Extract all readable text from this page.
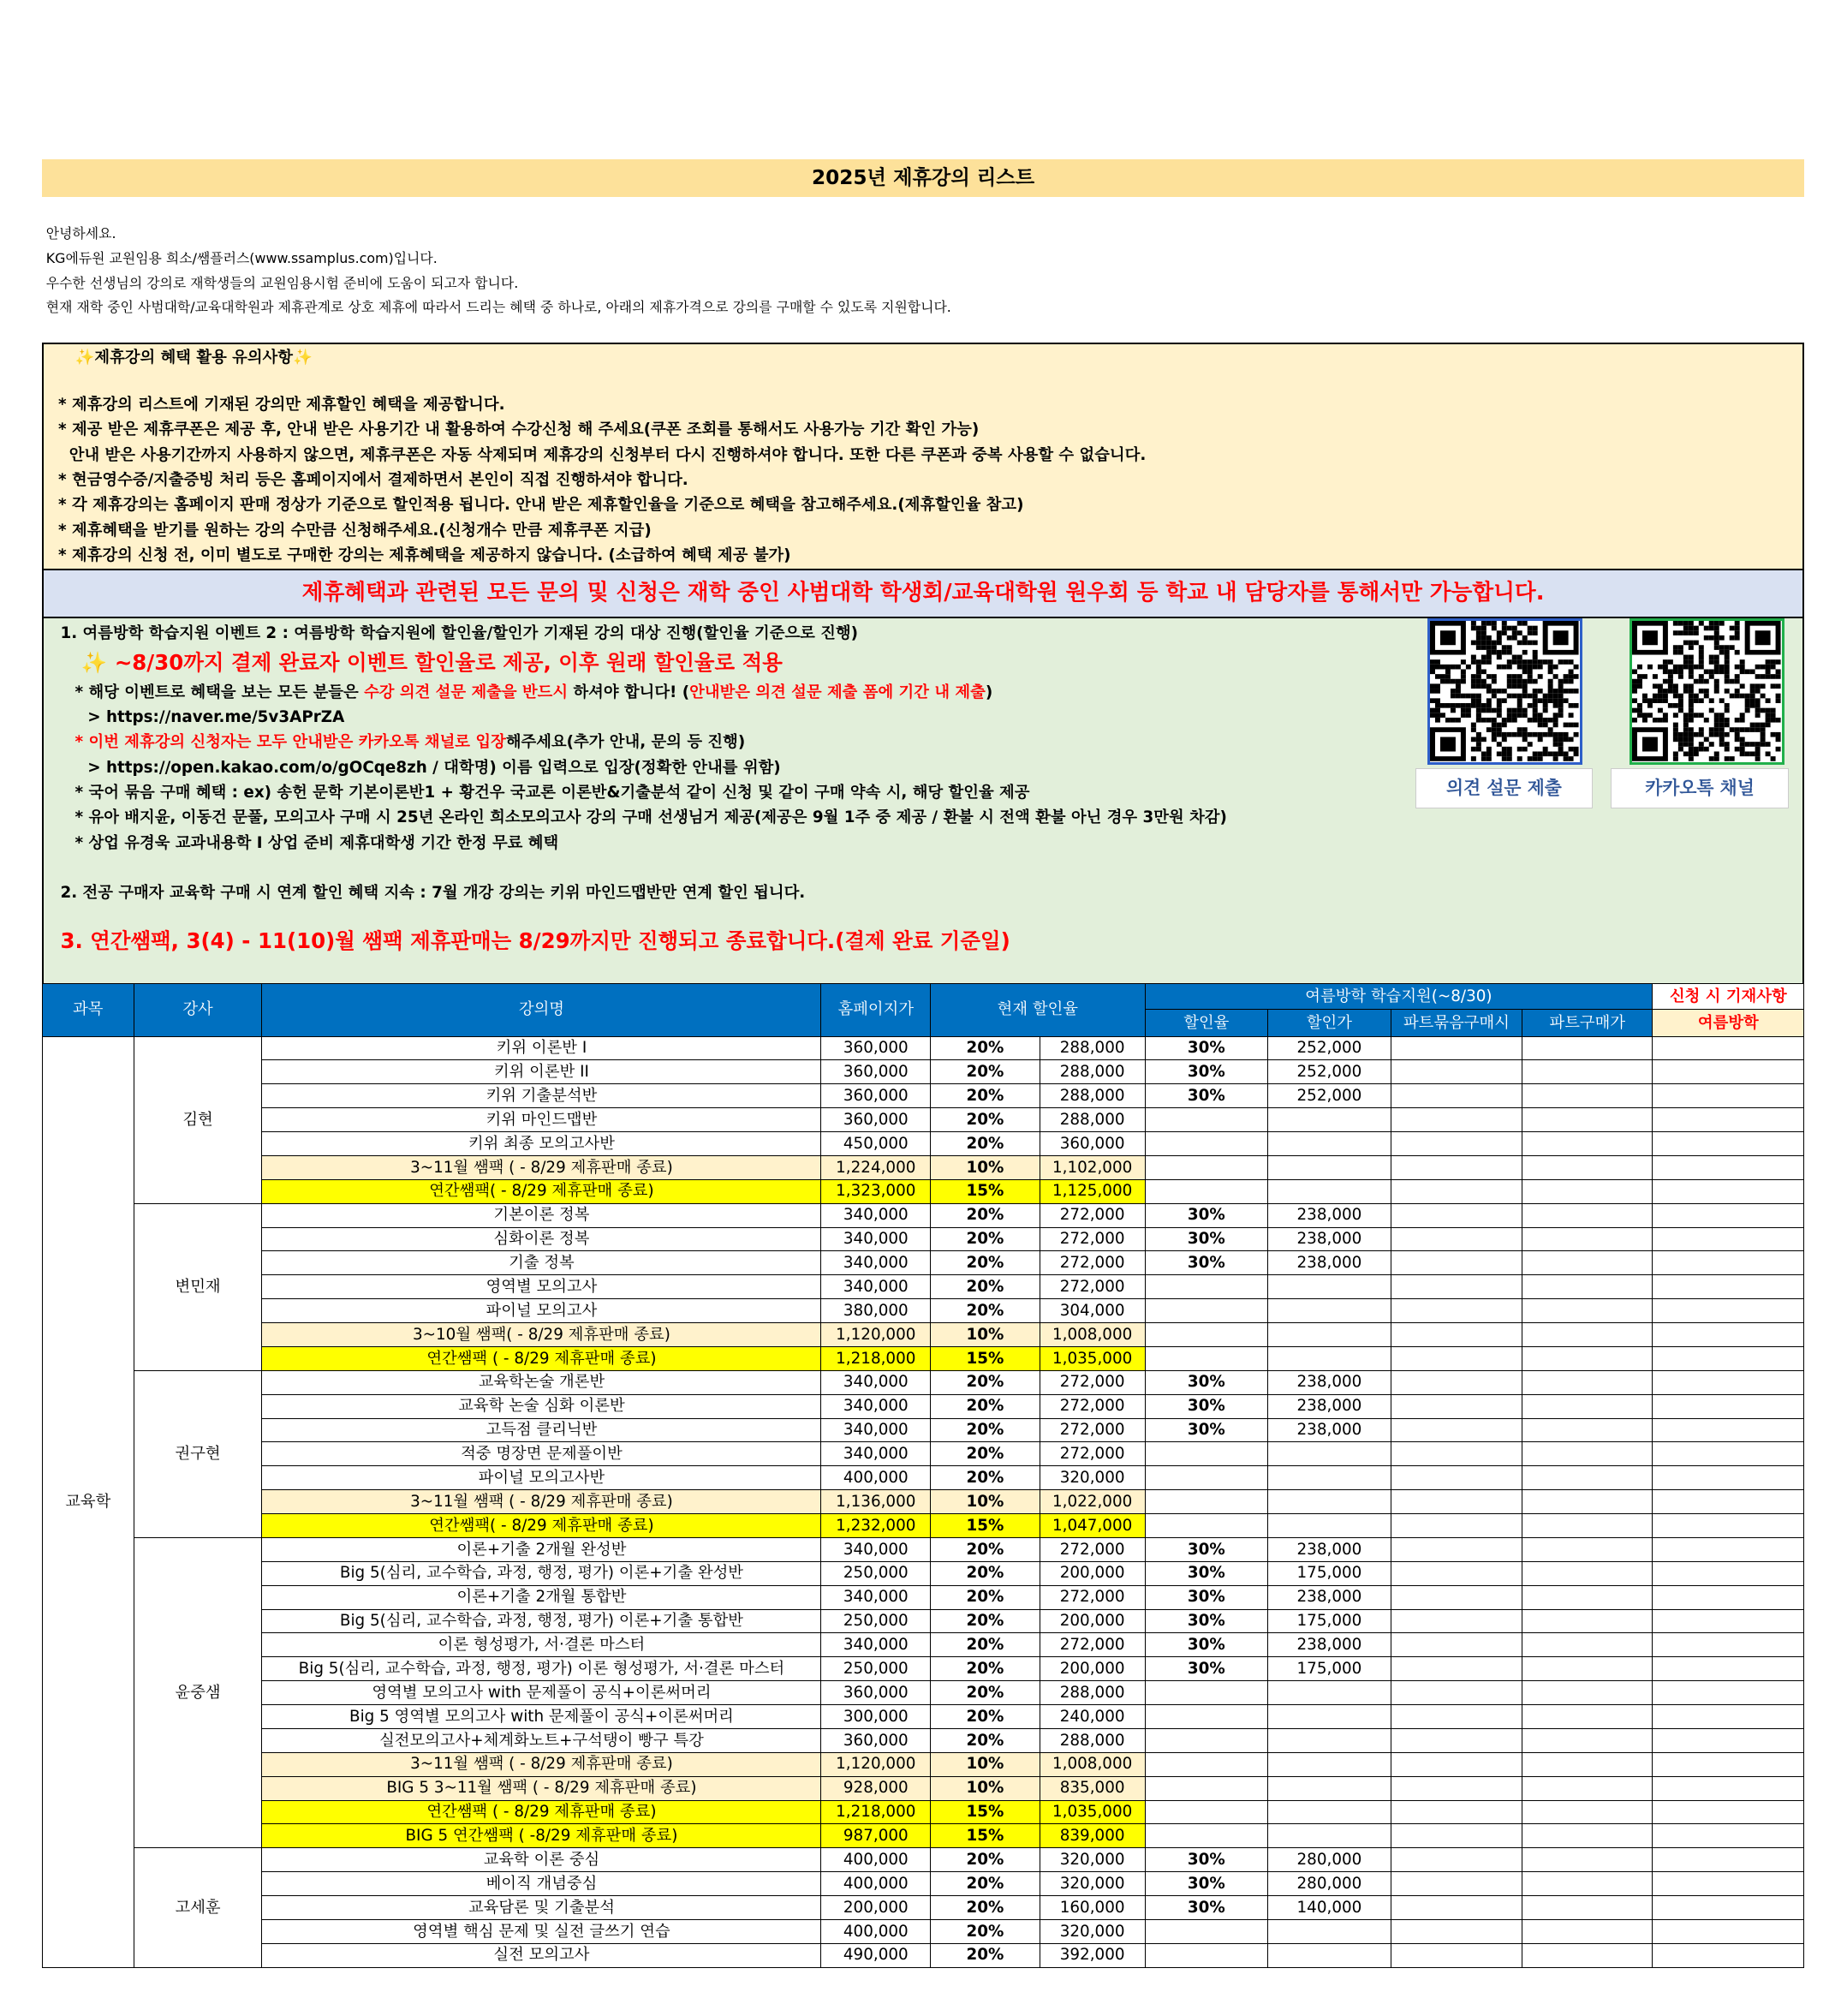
2025년 제휴강의 리스트
안녕하세요.
KG에듀원 교원임용 희소/쌤플러스(www.ssamplus.com)입니다.
우수한 선생님의 강의로 재학생들의 교원임용시험 준비에 도움이 되고자 합니다.
현재 재학 중인 사범대학/교육대학원과 제휴관계로 상호 제휴에 따라서 드리는 혜택 중 하나로, 아래의 제휴가격으로 강의를 구매할 수 있도록 지원합니다.
✨제휴강의 혜택 활용 유의사항✨
* 제휴강의 리스트에 기재된 강의만 제휴할인 혜택을 제공합니다.
* 제공 받은 제휴쿠폰은 제공 후, 안내 받은 사용기간 내 활용하여 수강신청 해 주세요(쿠폰 조회를 통해서도 사용가능 기간 확인 가능)
안내 받은 사용기간까지 사용하지 않으면, 제휴쿠폰은 자동 삭제되며 제휴강의 신청부터 다시 진행하셔야 합니다. 또한 다른 쿠폰과 중복 사용할 수 없습니다.
* 현금영수증/지출증빙 처리 등은 홈페이지에서 결제하면서 본인이 직접 진행하셔야 합니다.
* 각 제휴강의는 홈페이지 판매 정상가 기준으로 할인적용 됩니다. 안내 받은 제휴할인율을 기준으로 혜택을 참고해주세요.(제휴할인율 참고)
* 제휴혜택을 받기를 원하는 강의 수만큼 신청해주세요.(신청개수 만큼 제휴쿠폰 지급)
* 제휴강의 신청 전, 이미 별도로 구매한 강의는 제휴혜택을 제공하지 않습니다. (소급하여 혜택 제공 불가)
제휴혜택과 관련된 모든 문의 및 신청은 재학 중인 사범대학 학생회/교육대학원 원우회 등 학교 내 담당자를 통해서만 가능합니다.
1. 여름방학 학습지원 이벤트 2 : 여름방학 학습지원에 할인율/할인가 기재된 강의 대상 진행(할인율 기준으로 진행)
✨ ~8/30까지 결제 완료자 이벤트 할인율로 제공, 이후 원래 할인율로 적용
* 해당 이벤트로 혜택을 보는 모든 분들은 수강 의견 설문 제출을 반드시 하셔야 합니다! (안내받은 의견 설문 제출 폼에 기간 내 제출)
> https://naver.me/5v3APrZA
* 이번 제휴강의 신청자는 모두 안내받은 카카오톡 채널로 입장해주세요(추가 안내, 문의 등 진행)
> https://open.kakao.com/o/gOCqe8zh / 대학명) 이름 입력으로 입장(정확한 안내를 위함)
* 국어 묶음 구매 혜택 : ex) 송헌 문학 기본이론반1 + 황건우 국교론 이론반&기출분석 같이 신청 및 같이 구매 약속 시, 해당 할인율 제공
* 유아 배지윤, 이동건 문풀, 모의고사 구매 시 25년 온라인 희소모의고사 강의 구매 선생님거 제공(제공은 9월 1주 중 제공 / 환불 시 전액 환불 아닌 경우 3만원 차감)
* 상업 유경욱 교과내용학 Ⅰ 상업 준비 제휴대학생 기간 한정 무료 혜택
2. 전공 구매자 교육학 구매 시 연계 할인 혜택 지속 : 7월 개강 강의는 키위 마인드맵반만 연계 할인 됩니다.
3. 연간쌤팩, 3(4) - 11(10)월 쌤팩 제휴판매는 8/29까지만 진행되고 종료합니다.(결제 완료 기준일)
의견 설문 제출	카카오톡 채널
과목	강사	강의명	홈페이지가	현재 할인율		여름방학 학습지원(~8/30)				신청 시 기재사항
						할인율	할인가	파트묶음구매시	파트구매가	여름방학
교육학	김현	키위 이론반 I	360,000	20%	288,000	30%	252,000			
		키위 이론반 II	360,000	20%	288,000	30%	252,000			
		키위 기출분석반	360,000	20%	288,000	30%	252,000			
		키위 마인드맵반	360,000	20%	288,000					
		키위 최종 모의고사반	450,000	20%	360,000					
		3~11월 쌤팩 ( - 8/29 제휴판매 종료)	1,224,000	10%	1,102,000					
		연간쌤팩( - 8/29 제휴판매 종료)	1,323,000	15%	1,125,000					
	변민재	기본이론 정복	340,000	20%	272,000	30%	238,000			
		심화이론 정복	340,000	20%	272,000	30%	238,000			
		기출 정복	340,000	20%	272,000	30%	238,000			
		영역별 모의고사	340,000	20%	272,000					
		파이널 모의고사	380,000	20%	304,000					
		3~10월 쌤팩( - 8/29 제휴판매 종료)	1,120,000	10%	1,008,000					
		연간쌤팩 ( - 8/29 제휴판매 종료)	1,218,000	15%	1,035,000					
	권구현	교육학논술 개론반	340,000	20%	272,000	30%	238,000			
		교육학 논술 심화 이론반	340,000	20%	272,000	30%	238,000			
		고득점 클리닉반	340,000	20%	272,000	30%	238,000			
		적중 명장면 문제풀이반	340,000	20%	272,000					
		파이널 모의고사반	400,000	20%	320,000					
		3~11월 쌤팩 ( - 8/29 제휴판매 종료)	1,136,000	10%	1,022,000					
		연간쌤팩( - 8/29 제휴판매 종료)	1,232,000	15%	1,047,000					
	윤중샘	이론+기출 2개월 완성반	340,000	20%	272,000	30%	238,000			
		Big 5(심리, 교수학습, 과정, 행정, 평가) 이론+기출 완성반	250,000	20%	200,000	30%	175,000			
		이론+기출 2개월 통합반	340,000	20%	272,000	30%	238,000			
		Big 5(심리, 교수학습, 과정, 행정, 평가) 이론+기출 통합반	250,000	20%	200,000	30%	175,000			
		이론 형성평가, 서·결론 마스터	340,000	20%	272,000	30%	238,000			
		Big 5(심리, 교수학습, 과정, 행정, 평가) 이론 형성평가, 서·결론 마스터	250,000	20%	200,000	30%	175,000			
		영역별 모의고사 with 문제풀이 공식+이론써머리	360,000	20%	288,000					
		Big 5 영역별 모의고사 with 문제풀이 공식+이론써머리	300,000	20%	240,000					
		실전모의고사+체계화노트+구석탱이 빵구 특강	360,000	20%	288,000					
		3~11월 쌤팩 ( - 8/29 제휴판매 종료)	1,120,000	10%	1,008,000					
		BIG 5 3~11월 쌤팩 ( - 8/29 제휴판매 종료)	928,000	10%	835,000					
		연간쌤팩 ( - 8/29 제휴판매 종료)	1,218,000	15%	1,035,000					
		BIG 5 연간쌤팩 ( -8/29 제휴판매 종료)	987,000	15%	839,000					
	고세훈	교육학 이론 중심	400,000	20%	320,000	30%	280,000			
		베이직 개념중심	400,000	20%	320,000	30%	280,000			
		교육담론 및 기출분석	200,000	20%	160,000	30%	140,000			
		영역별 핵심 문제 및 실전 글쓰기 연습	400,000	20%	320,000					
		실전 모의고사	490,000	20%	392,000					
